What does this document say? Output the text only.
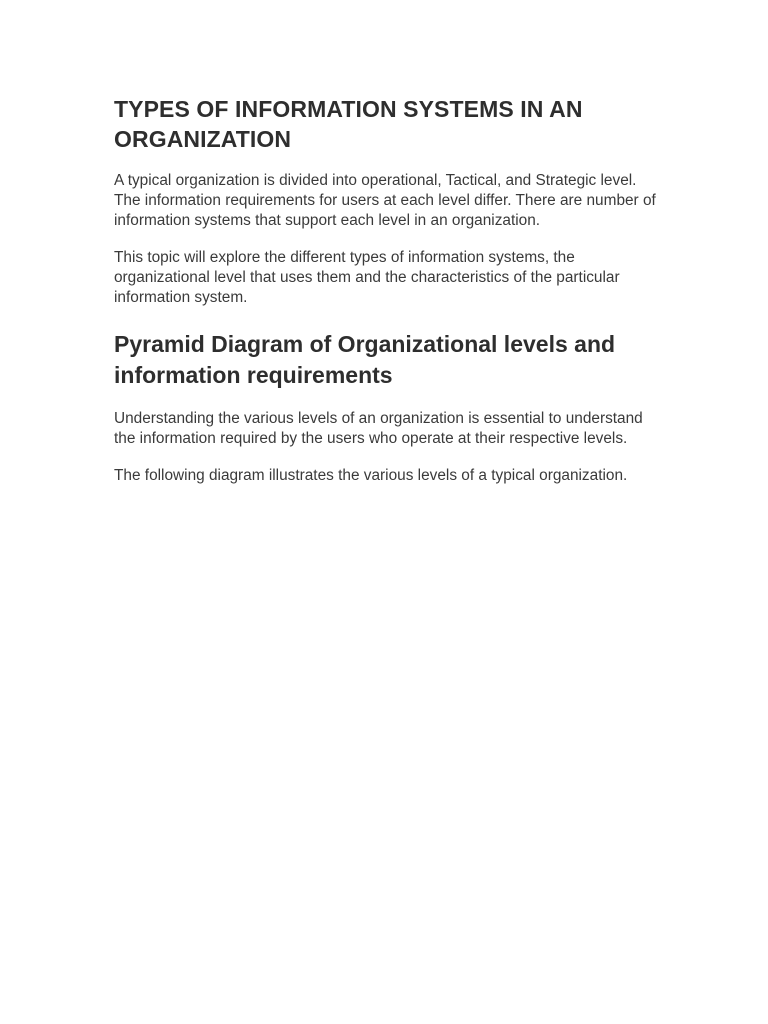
TYPES OF INFORMATION SYSTEMS IN AN ORGANIZATION

A typical organization is divided into operational, Tactical, and Strategic level. The information requirements for users at each level differ. There are number of information systems that support each level in an organization.

This topic will explore the different types of information systems, the organizational level that uses them and the characteristics of the particular information system.

Pyramid Diagram of Organizational levels and information requirements

Understanding the various levels of an organization is essential to understand the information required by the users who operate at their respective levels.

The following diagram illustrates the various levels of a typical organization.
